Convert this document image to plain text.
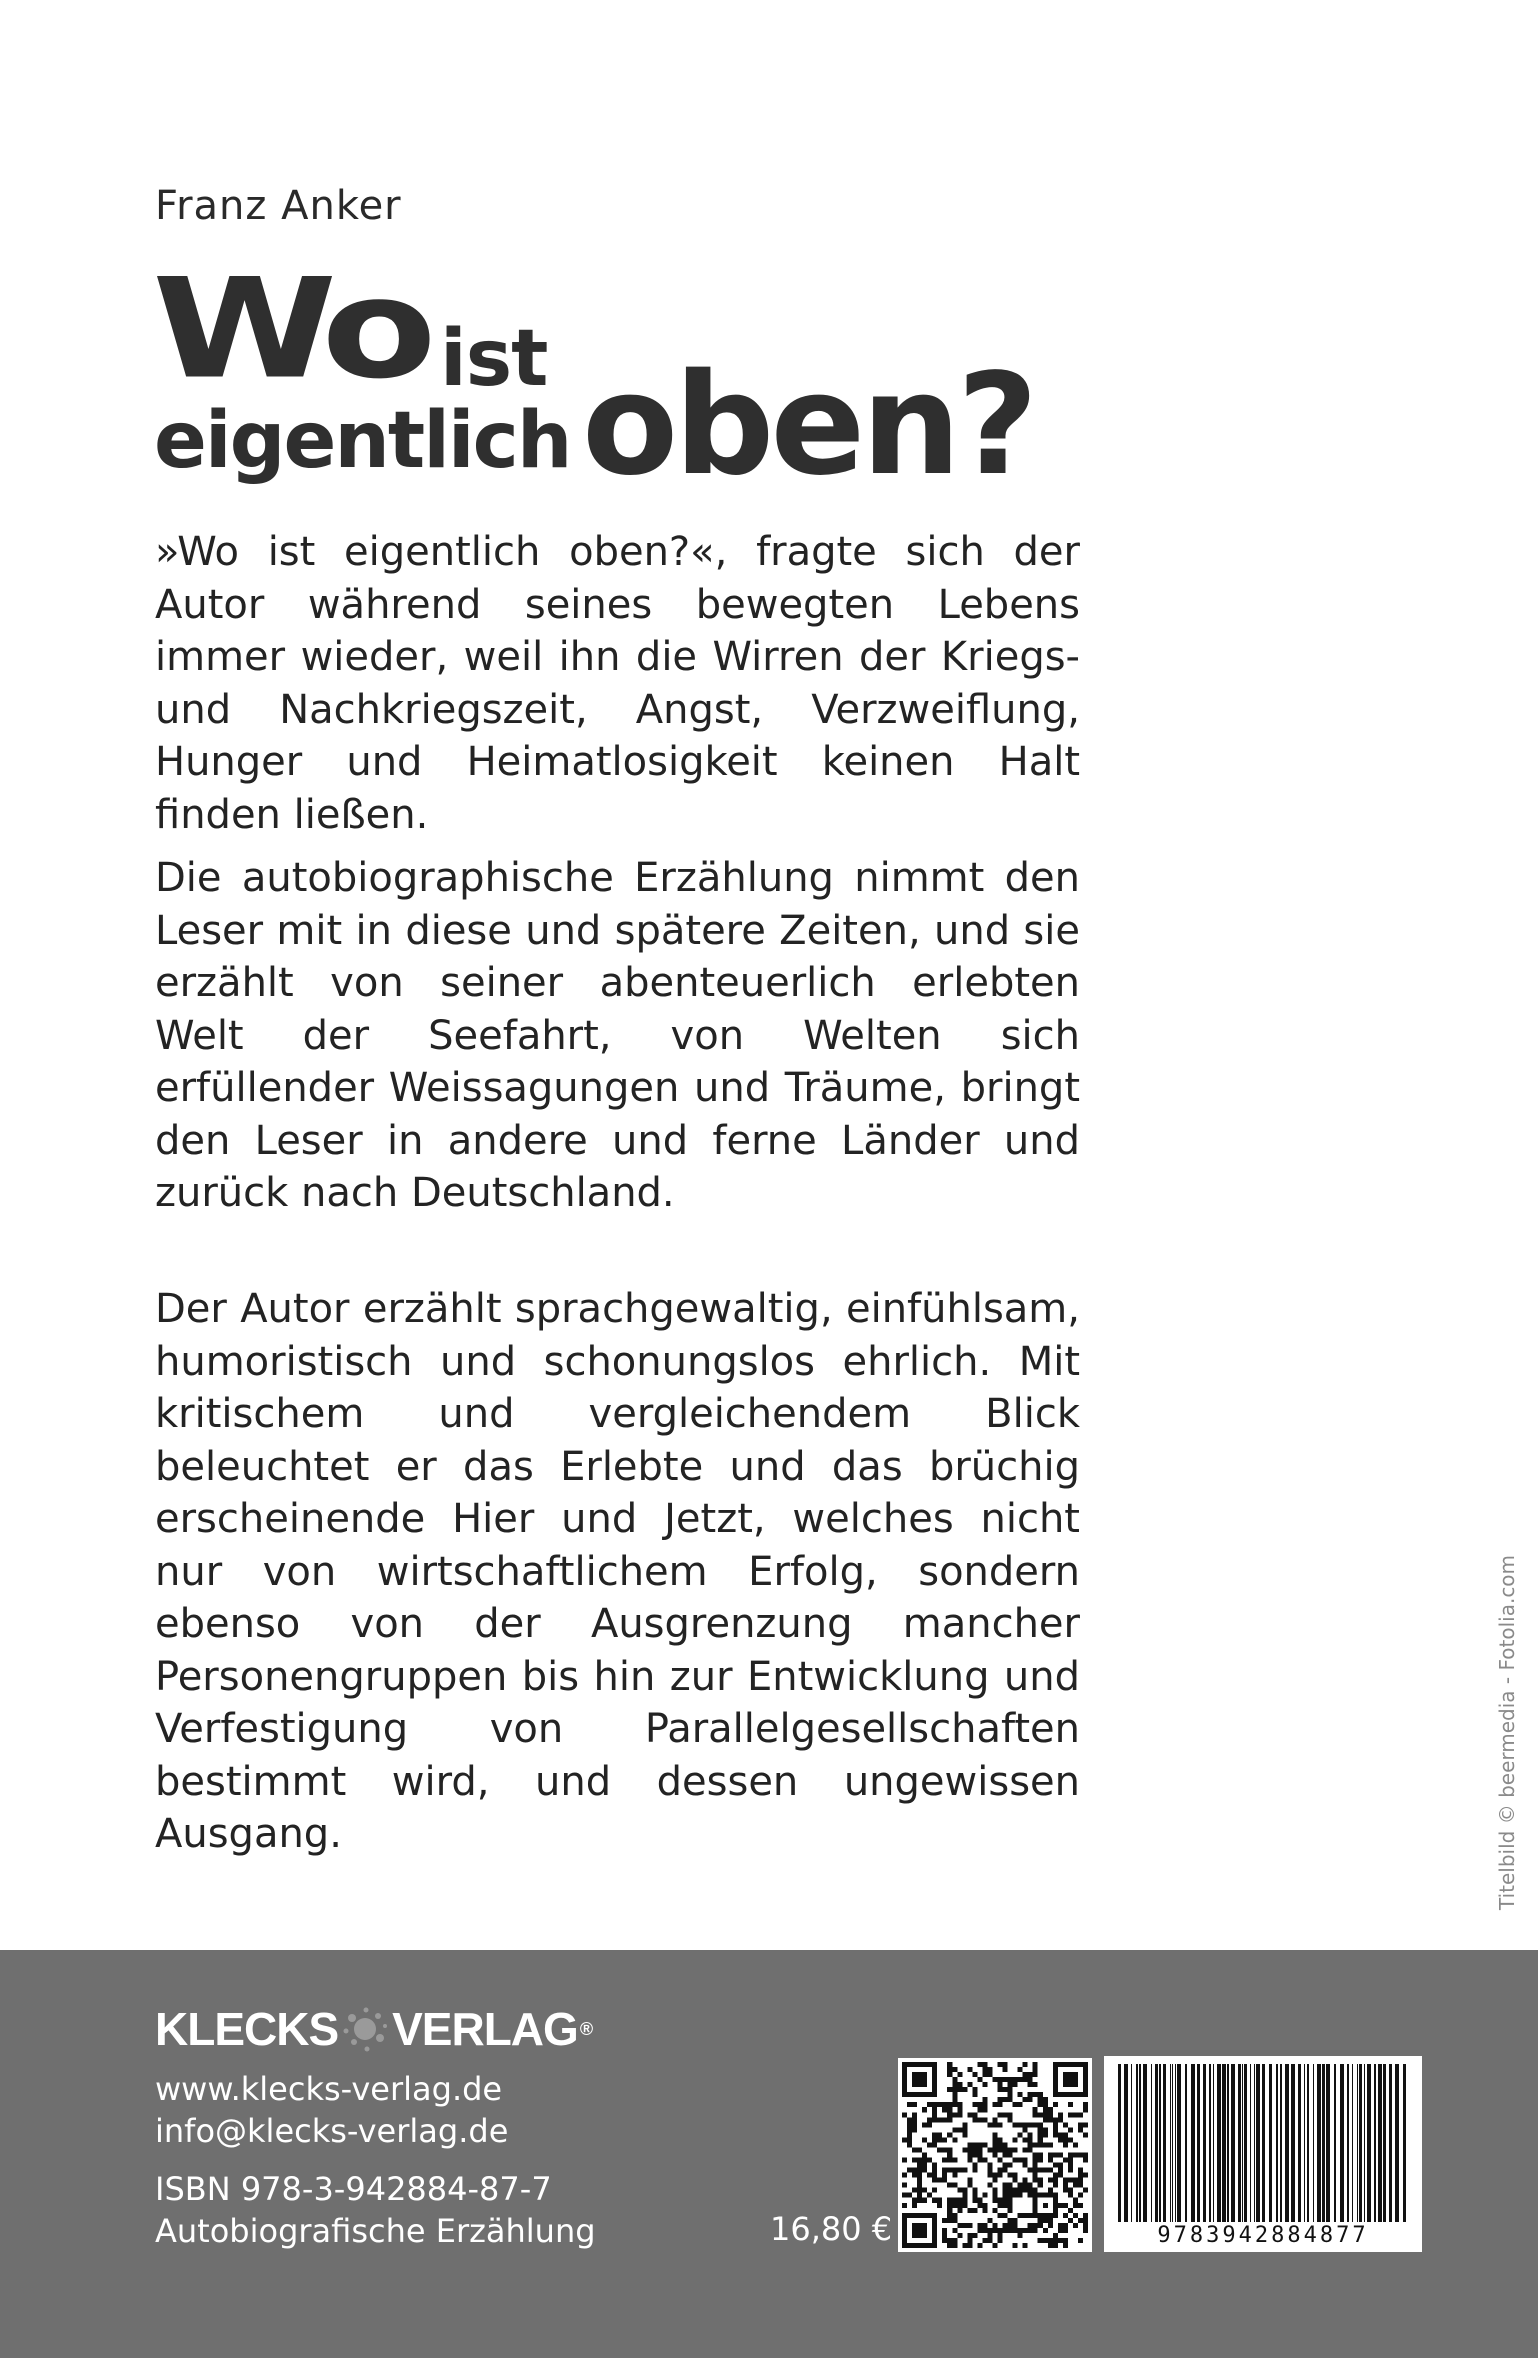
Franz Anker
Wo ist
eigentlich oben?

»Wo ist eigentlich oben?«, fragte sich der Autor während seines bewegten Lebens immer wieder, weil ihn die Wirren der Kriegs- und Nachkriegszeit, Angst, Verzweiflung, Hunger und Heimatlosigkeit keinen Halt finden ließen.

Die autobiographische Erzählung nimmt den Leser mit in diese und spätere Zeiten, und sie erzählt von seiner abenteuerlich erlebten Welt der Seefahrt, von Welten sich erfüllender Weissagungen und Träume, bringt den Leser in andere und ferne Länder und zurück nach Deutschland.

Der Autor erzählt sprachgewaltig, einfühlsam, humoristisch und schonungslos ehrlich. Mit kritischem und vergleichendem Blick beleuchtet er das Erlebte und das brüchig erscheinende Hier und Jetzt, welches nicht nur von wirtschaftlichem Erfolg, sondern ebenso von der Ausgrenzung mancher Personengruppen bis hin zur Entwicklung und Verfestigung von Parallelgesellschaften bestimmt wird, und dessen ungewissen Ausgang.	Titelbild © beermedia - Fotolia.com
KLECKS VERLAG ®
www.klecks-verlag.de
info@klecks-verlag.de
ISBN 978-3-942884-87-7
Autobiografische Erzählung	16,80 €	9783942884877
